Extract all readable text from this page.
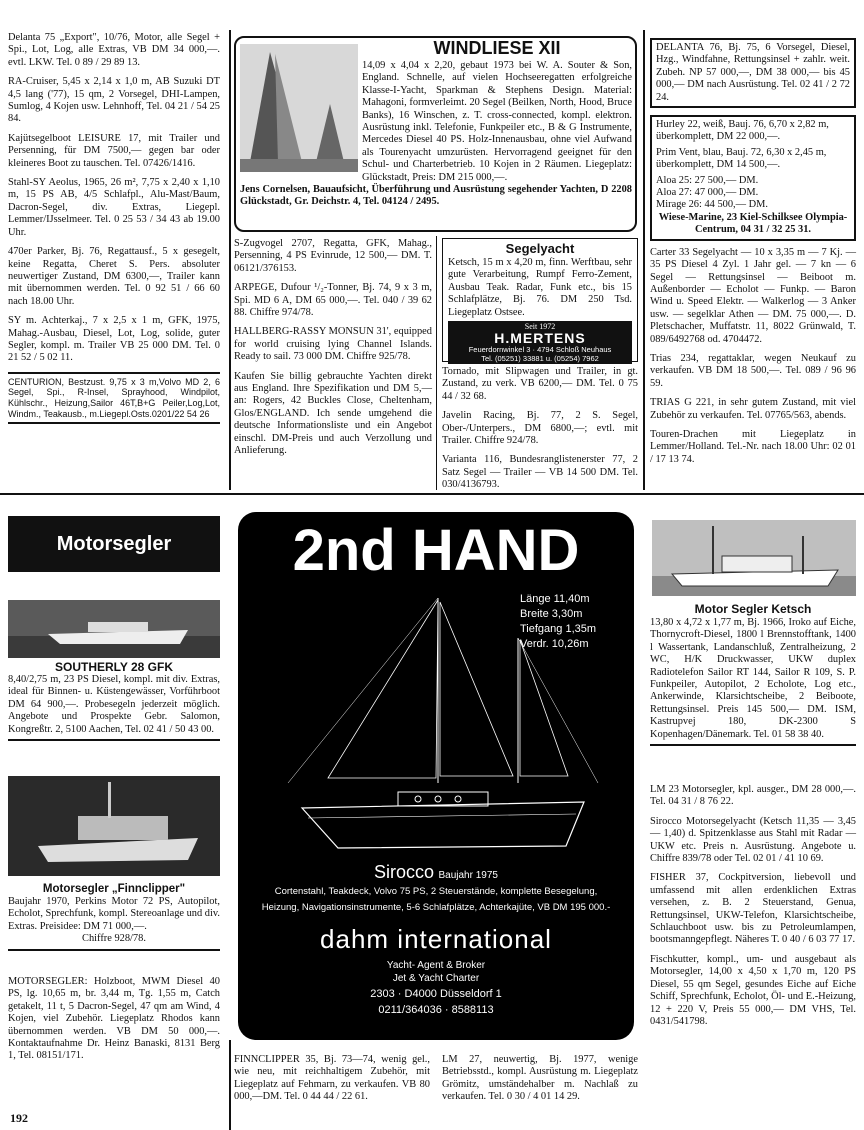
Delanta 75 „Export", 10/76, Motor, alle Segel + Spi., Lot, Log, alle Extras, VB DM 34 000,—. evtl. LKW. Tel. 0 89 / 29 89 13.

RA-Cruiser, 5,45 x 2,14 x 1,0 m, AB Suzuki DT 4,5 lang ('77), 15 qm, 2 Vorsegel, DHI-Lampen, Sumlog, 4 Kojen usw. Lehnhoff, Tel. 04 21 / 54 25 84.

Kajütsegelboot LEISURE 17, mit Trailer und Persenning, für DM 7500,— gegen bar oder kleineres Boot zu tauschen. Tel. 07426/1416.

Stahl-SY Aeolus, 1965, 26 m², 7,75 x 2,40 x 1,10 m, 15 PS AB, 4/5 Schlafpl., Alu-Mast/Baum, Dacron-Segel, div. Extras, Liegepl. Lemmer/IJsselmeer. Tel. 0 25 53 / 34 43 ab 19.00 Uhr.

470er Parker, Bj. 76, Regattausf., 5 x gesegelt, keine Regatta, Cheret S. Pers. absoluter neuwertiger Zustand, DM 6300,—, Trailer kann mit übernommen werden. Tel. 0 92 51 / 66 60 nach 18.00 Uhr.

SY m. Achterkaj., 7 x 2,5 x 1 m, GFK, 1975, Mahag.-Ausbau, Diesel, Lot, Log, solide, guter Segler, kompl. m. Trailer VB 25 000 DM. Tel. 0 21 52 / 5 02 11.

CENTURION, Bestzust. 9,75 x 3 m,Volvo MD 2, 6 Segel, Spi., R-Insel, Sprayhood, Windpilot, Kühlschr., Heizung,Sailor 46T,B+G Peiler,Log,Lot, Windm., Teakausb., m.Liegepl.Osts.0201/22 54 26

WINDLIESE XII
14,09 x 4,04 x 2,20, gebaut 1973 bei W. A. Souter & Son, England. Schnelle, auf vielen Hochseeregatten erfolgreiche Klasse-I-Yacht, Sparkman & Stephens Design. Material: Mahagoni, formverleimt. 20 Segel (Beilken, North, Hood, Bruce Banks), 16 Winschen, z. T. cross-connected, kompl. elektron. Ausrüstung inkl. Telefonie, Funkpeiler etc., B & G Instrumente, Mercedes Diesel 40 PS. Holz-Innenausbau, ohne viel Aufwand als Tourenyacht umzurüsten. Hervorragend geeignet für den Schul- und Charterbetrieb. 10 Kojen in 2 Räumen. Liegeplatz: Glückstadt, Preis: DM 215 000,—.
Jens Cornelsen, Bauaufsicht, Überführung und Ausrüstung segehender Yachten, D 2208 Glückstadt, Gr. Deichstr. 4, Tel. 04124 / 2495.

S-Zugvogel 2707, Regatta, GFK, Mahag., Persenning, 4 PS Evinrude, 12 500,— DM. T. 06121/376153.

ARPEGE, Dufour ¹/₂-Tonner, Bj. 74, 9 x 3 m, Spi. MD 6 A, DM 65 000,—. Tel. 040 / 39 62 88. Chiffre 974/78.

HALLBERG-RASSY MONSUN 31', equipped for world cruising lying Channel Islands. Ready to sail. 73 000 DM. Chiffre 925/78.

Kaufen Sie billig gebrauchte Yachten direkt aus England. Ihre Spezifikation und DM 5,— an: Rogers, 42 Buckles Close, Cheltenham, Glos/ENGLAND. Ich sende umgehend die deutsche Informationsliste und ein Angebot einschl. DM-Preis und auch Verzollung und Anlieferung.

Segelyacht

Ketsch, 15 m x 4,20 m, finn. Werftbau, sehr gute Verarbeitung, Rumpf Ferro-Zement, Ausbau Teak. Radar, Funk etc., bis 15 Schlafplätze, Bj. 76. DM 250 Tsd. Liegeplatz Ostsee.

Seit 1972
H.MERTENS
Feuerdornwinkel 3 · 4794 Schloß Neuhaus
Tel. (05251) 33881 u. (05254) 7962

Tornado, mit Slipwagen und Trailer, in gt. Zustand, zu verk. VB 6200,— DM. Tel. 0 75 44 / 32 68.

Javelin Racing, Bj. 77, 2 S. Segel, Ober-/Unterpers., DM 6800,—; evtl. mit Trailer. Chiffre 924/78.

Varianta 116, Bundesranglistenerster 77, 2 Satz Segel — Trailer — VB 14 500 DM. Tel. 030/4136793.

DELANTA 76, Bj. 75, 6 Vorsegel, Diesel, Hzg., Windfahne, Rettungsinsel + zahlr. weit. Zubeh. NP 57 000,—, DM 38 000,— bis 45 000,— DM nach Ausrüstung. Tel. 02 41 / 2 72 24.

Hurley 22, weiß, Bauj. 76, 6,70 x 2,82 m, überkomplett, DM 22 000,—.

Prim Vent, blau, Bauj. 72, 6,30 x 2,45 m, überkomplett, DM 14 500,—.

Aloa 25: 27 500,— DM.

Aloa 27: 47 000,— DM.

Mirage 26: 44 500,— DM.

Wiese-Marine, 23 Kiel-Schilksee Olympia-Centrum, 04 31 / 32 25 31.

Carter 33 Segelyacht — 10 x 3,35 m — 7 Kj. — 35 PS Diesel 4 Zyl. 1 Jahr gel. — 7 kn — 6 Segel — Rettungsinsel — Beiboot m. Außenborder — Echolot — Funkp. — Baron Wind u. Speed Elektr. — Walkerlog — 3 Anker usw. — segelklar Athen — DM. 75 000,—. D. Pletschacher, Muffatstr. 11, 8022 Grünwald, T. 089/6492768 od. 4704472.

Trias 234, regattaklar, wegen Neukauf zu verkaufen. VB DM 18 500,—. Tel. 089 / 96 96 59.

TRIAS G 221, in sehr gutem Zustand, mit viel Zubehör zu verkaufen. Tel. 07765/563, abends.

Touren-Drachen mit Liegeplatz in Lemmer/Holland. Tel.-Nr. nach 18.00 Uhr: 02 01 / 17 13 74.

Motorsegler
SOUTHERLY 28 GFK

8,40/2,75 m, 23 PS Diesel, kompl. mit div. Extras, ideal für Binnen- u. Küstengewässer, Vorführboot DM 64 900,—. Probesegeln jederzeit möglich. Angebote und Prospekte Gebr. Salomon, Kongreßtr. 2, 5100 Aachen, Tel. 02 41 / 50 43 00.

Motorsegler „Finnclipper"

Baujahr 1970, Perkins Motor 72 PS, Autopilot, Echolot, Sprechfunk, kompl. Stereoanlage und div. Extras. Preisidee: DM 71 000,—.

Chiffre 928/78.
MOTORSEGLER: Holzboot, MWM Diesel 40 PS, lg. 10,65 m, br. 3,44 m, Tg. 1,55 m, Catch getakelt, 11 t, 5 Dacron-Segel, 47 qm am Wind, 4 Kojen, viel Zubehör. Liegeplatz Rhodos kann übernommen werden. VB DM 50 000,—. Kontaktaufnahme Dr. Heinz Banaski, 8131 Berg 1, Tel. 08151/171.
2nd HAND
Länge 11,40m
Breite 3,30m
Tiefgang 1,35m
Verdr. 10,26m
Sirocco Baujahr 1975
Cortenstahl, Teakdeck, Volvo 75 PS, 2 Steuerstände, komplette Besegelung,
Heizung, Navigationsinstrumente, 5-6 Schlafplätze, Achterkajüte, VB DM 195 000.-
dahm international
Yacht- Agent & Broker
Jet & Yacht Charter
2303 · D4000 Düsseldorf 1
0211/364036 · 8588113
FINNCLIPPER 35, Bj. 73—74, wenig gel., wie neu, mit reichhaltigem Zubehör, mit Liegeplatz auf Fehmarn, zu verkaufen. VB 80 000,—DM. Tel. 0 44 44 / 22 61.
LM 27, neuwertig, Bj. 1977, wenige Betriebsstd., kompl. Ausrüstung m. Liegeplatz Grömitz, umständehalber m. Nachlaß zu verkaufen. Tel. 0 30 / 4 01 14 29.
Motor Segler Ketsch

13,80 x 4,72 x 1,77 m, Bj. 1966, Iroko auf Eiche, Thornycroft-Diesel, 1800 l Brennstofftank, 1400 l Wassertank, Landanschluß, Zentralheizung, 2 WC, H/K Druckwasser, UKW duplex Radiotelefon Sailor RT 144, Sailor R 109, S. P. Funkpeiler, Autopilot, 2 Echolote, Log etc., Ankerwinde, Klarsichtscheibe, 2 Beiboote, Rettungsinsel. Preis 145 500,— DM. ISM, Kastrupvej 180, DK-2300 S Kopenhagen/Dänemark. Tel. 01 58 38 40.

LM 23 Motorsegler, kpl. ausger., DM 28 000,—. Tel. 04 31 / 8 76 22.

Sirocco Motorsegelyacht (Ketsch 11,35 — 3,45 — 1,40) d. Spitzenklasse aus Stahl mit Radar — UKW etc. Preis n. Ausrüstung. Angebote u. Chiffre 839/78 oder Tel. 02 01 / 41 10 69.

FISHER 37, Cockpitversion, liebevoll und umfassend mit allen erdenklichen Extras versehen, z. B. 2 Steuerstand, Genua, Rettungsinsel, UKW-Telefon, Klarsichtscheibe, Schlauchboot usw. bis zu Petroleumlampen, bootsmanngepflegt. Näheres T. 0 40 / 6 03 77 17.

Fischkutter, kompl., um- und ausgebaut als Motorsegler, 14,00 x 4,50 x 1,70 m, 120 PS Diesel, 55 qm Segel, gesundes Eiche auf Eiche Schiff, Sprechfunk, Echolot, Öl- und E.-Heizung, 12 + 220 V, Preis 55 000,— DM VHS, Tel. 0431/541798.

192
